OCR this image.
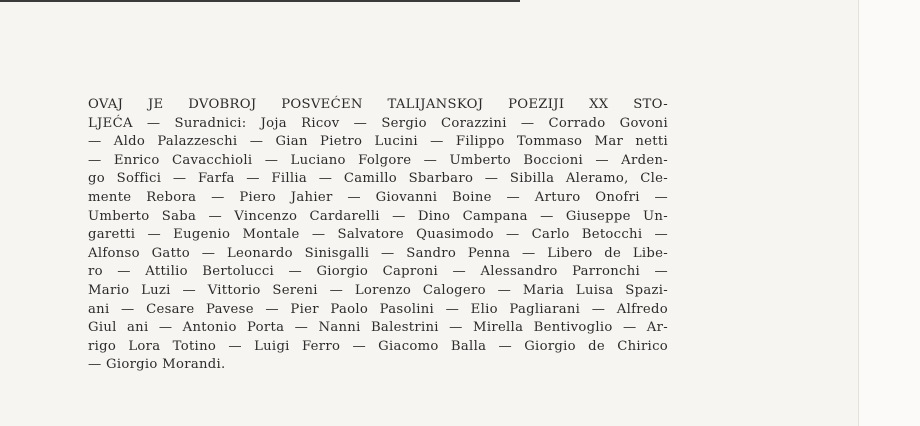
OVAJ JE DVOBROJ POSVEĆEN TALIJANSKOJ POEZIJI XX STO-
LJEĆA — Suradnici: Joja Ricov — Sergio Corazzini — Corrado Govoni
— Aldo Palazzeschi — Gian Pietro Lucini — Filippo Tommaso Mar netti
— Enrico Cavacchioli — Luciano Folgore — Umberto Boccioni — Arden-
go Soffici — Farfa — Fillia — Camillo Sbarbaro — Sibilla Aleramo, Cle-
mente Rebora — Piero Jahier — Giovanni Boine — Arturo Onofri —
Umberto Saba — Vincenzo Cardarelli — Dino Campana — Giuseppe Un-
garetti — Eugenio Montale — Salvatore Quasimodo — Carlo Betocchi —
Alfonso Gatto — Leonardo Sinisgalli — Sandro Penna — Libero de Libe-
ro — Attilio Bertolucci — Giorgio Caproni — Alessandro Parronchi —
Mario Luzi — Vittorio Sereni — Lorenzo Calogero — Maria Luisa Spazi-
ani — Cesare Pavese — Pier Paolo Pasolini — Elio Pagliarani — Alfredo
Giul ani — Antonio Porta — Nanni Balestrini — Mirella Bentivoglio — Ar-
rigo Lora Totino — Luigi Ferro — Giacomo Balla — Giorgio de Chirico
— Giorgio Morandi.
